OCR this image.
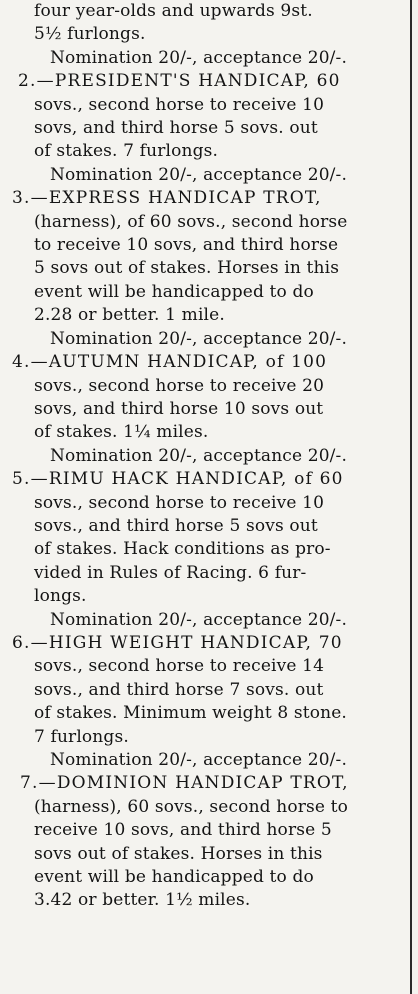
four year-olds and upwards 9st.
5½ furlongs.
Nomination 20/-, acceptance 20/-.
2.—PRESIDENT'S HANDICAP, 60
sovs., second horse to receive 10
sovs, and third horse 5 sovs. out
of stakes. 7 furlongs.
Nomination 20/-, acceptance 20/-.
3.—EXPRESS HANDICAP TROT,
(harness), of 60 sovs., second horse
to receive 10 sovs, and third horse
5 sovs out of stakes. Horses in this
event will be handicapped to do
2.28 or better. 1 mile.
Nomination 20/-, acceptance 20/-.
4.—AUTUMN HANDICAP, of 100
sovs., second horse to receive 20
sovs, and third horse 10 sovs out
of stakes. 1¼ miles.
Nomination 20/-, acceptance 20/-.
5.—RIMU HACK HANDICAP, of 60
sovs., second horse to receive 10
sovs., and third horse 5 sovs out
of stakes. Hack conditions as pro-
vided in Rules of Racing. 6 fur-
longs.
Nomination 20/-, acceptance 20/-.
6.—HIGH WEIGHT HANDICAP, 70
sovs., second horse to receive 14
sovs., and third horse 7 sovs. out
of stakes. Minimum weight 8 stone.
7 furlongs.
Nomination 20/-, acceptance 20/-.
7.—DOMINION HANDICAP TROT,
(harness), 60 sovs., second horse to
receive 10 sovs, and third horse 5
sovs out of stakes. Horses in this
event will be handicapped to do
3.42 or better. 1½ miles.
